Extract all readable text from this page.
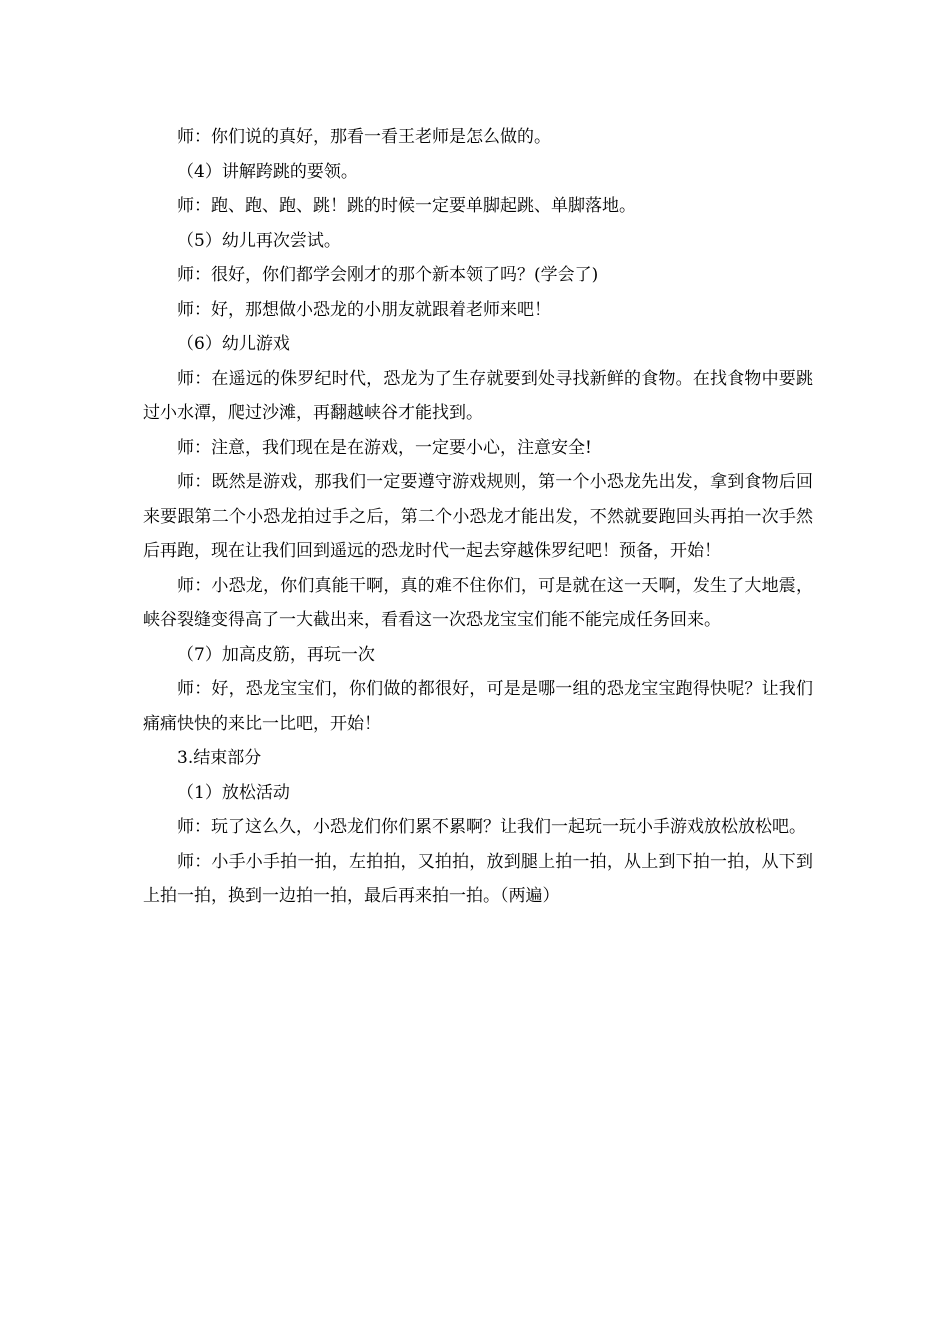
师：你们说的真好，那看一看王老师是怎么做的。

（4）讲解跨跳的要领。

师：跑、跑、跑、跳！跳的时候一定要单脚起跳、单脚落地。

（5）幼儿再次尝试。

师：很好，你们都学会刚才的那个新本领了吗？(学会了)

师：好，那想做小恐龙的小朋友就跟着老师来吧！

（6）幼儿游戏

师：在遥远的侏罗纪时代，恐龙为了生存就要到处寻找新鲜的食物。在找食物中要跳过小水潭，爬过沙滩，再翻越峡谷才能找到。

师：注意，我们现在是在游戏，一定要小心，注意安全!

师：既然是游戏，那我们一定要遵守游戏规则，第一个小恐龙先出发，拿到食物后回来要跟第二个小恐龙拍过手之后，第二个小恐龙才能出发，不然就要跑回头再拍一次手然后再跑，现在让我们回到遥远的恐龙时代一起去穿越侏罗纪吧！预备，开始！

师：小恐龙，你们真能干啊，真的难不住你们，可是就在这一天啊，发生了大地震，峡谷裂缝变得高了一大截出来，看看这一次恐龙宝宝们能不能完成任务回来。

（7）加高皮筋，再玩一次

师：好，恐龙宝宝们，你们做的都很好，可是是哪一组的恐龙宝宝跑得快呢？让我们痛痛快快的来比一比吧，开始！

3.结束部分

（1）放松活动

师：玩了这么久，小恐龙们你们累不累啊？让我们一起玩一玩小手游戏放松放松吧。

师：小手小手拍一拍，左拍拍，又拍拍，放到腿上拍一拍，从上到下拍一拍，从下到上拍一拍，换到一边拍一拍，最后再来拍一拍。（两遍）
